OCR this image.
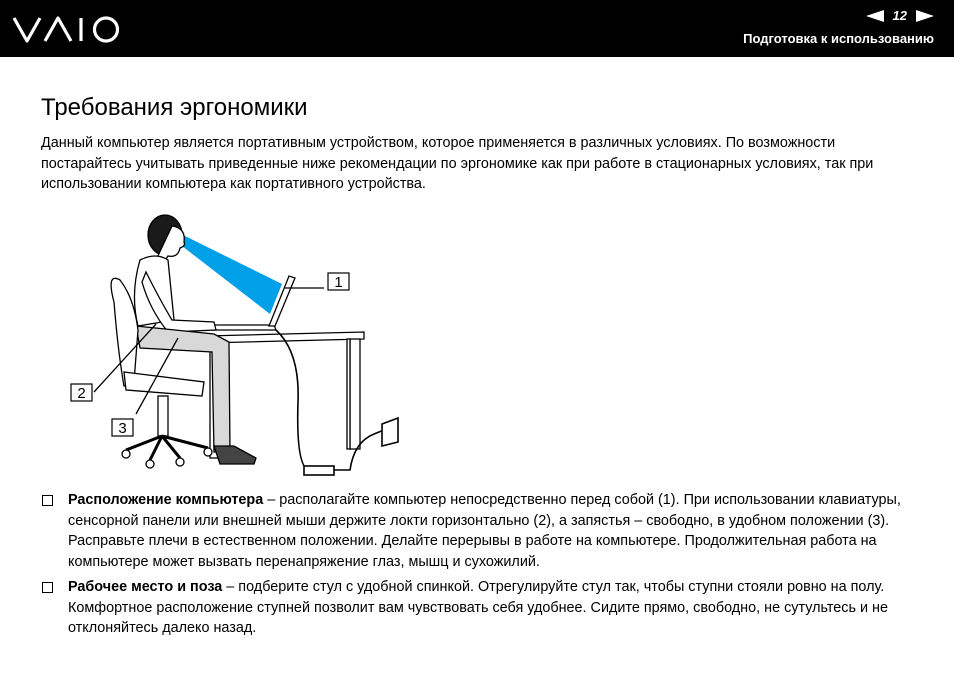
12
Подготовка к использованию
Требования эргономики

Данный компьютер является портативным устройством, которое применяется в различных условиях. По возможности постарайтесь учитывать приведенные ниже рекомендации по эргономике как при работе в стационарных условиях, так при использовании компьютера как портативного устройства.

1
2
3
Расположение компьютера – располагайте компьютер непосредственно перед собой (1). При использовании клавиатуры, сенсорной панели или внешней мыши держите локти горизонтально (2), а запястья – свободно, в удобном положении (3). Расправьте плечи в естественном положении. Делайте перерывы в работе на компьютере. Продолжительная работа на компьютере может вызвать перенапряжение глаз, мышц и сухожилий.
Рабочее место и поза – подберите стул с удобной спинкой. Отрегулируйте стул так, чтобы ступни стояли ровно на полу. Комфортное расположение ступней позволит вам чувствовать себя удобнее. Сидите прямо, свободно, не сутультесь и не отклоняйтесь далеко назад.
